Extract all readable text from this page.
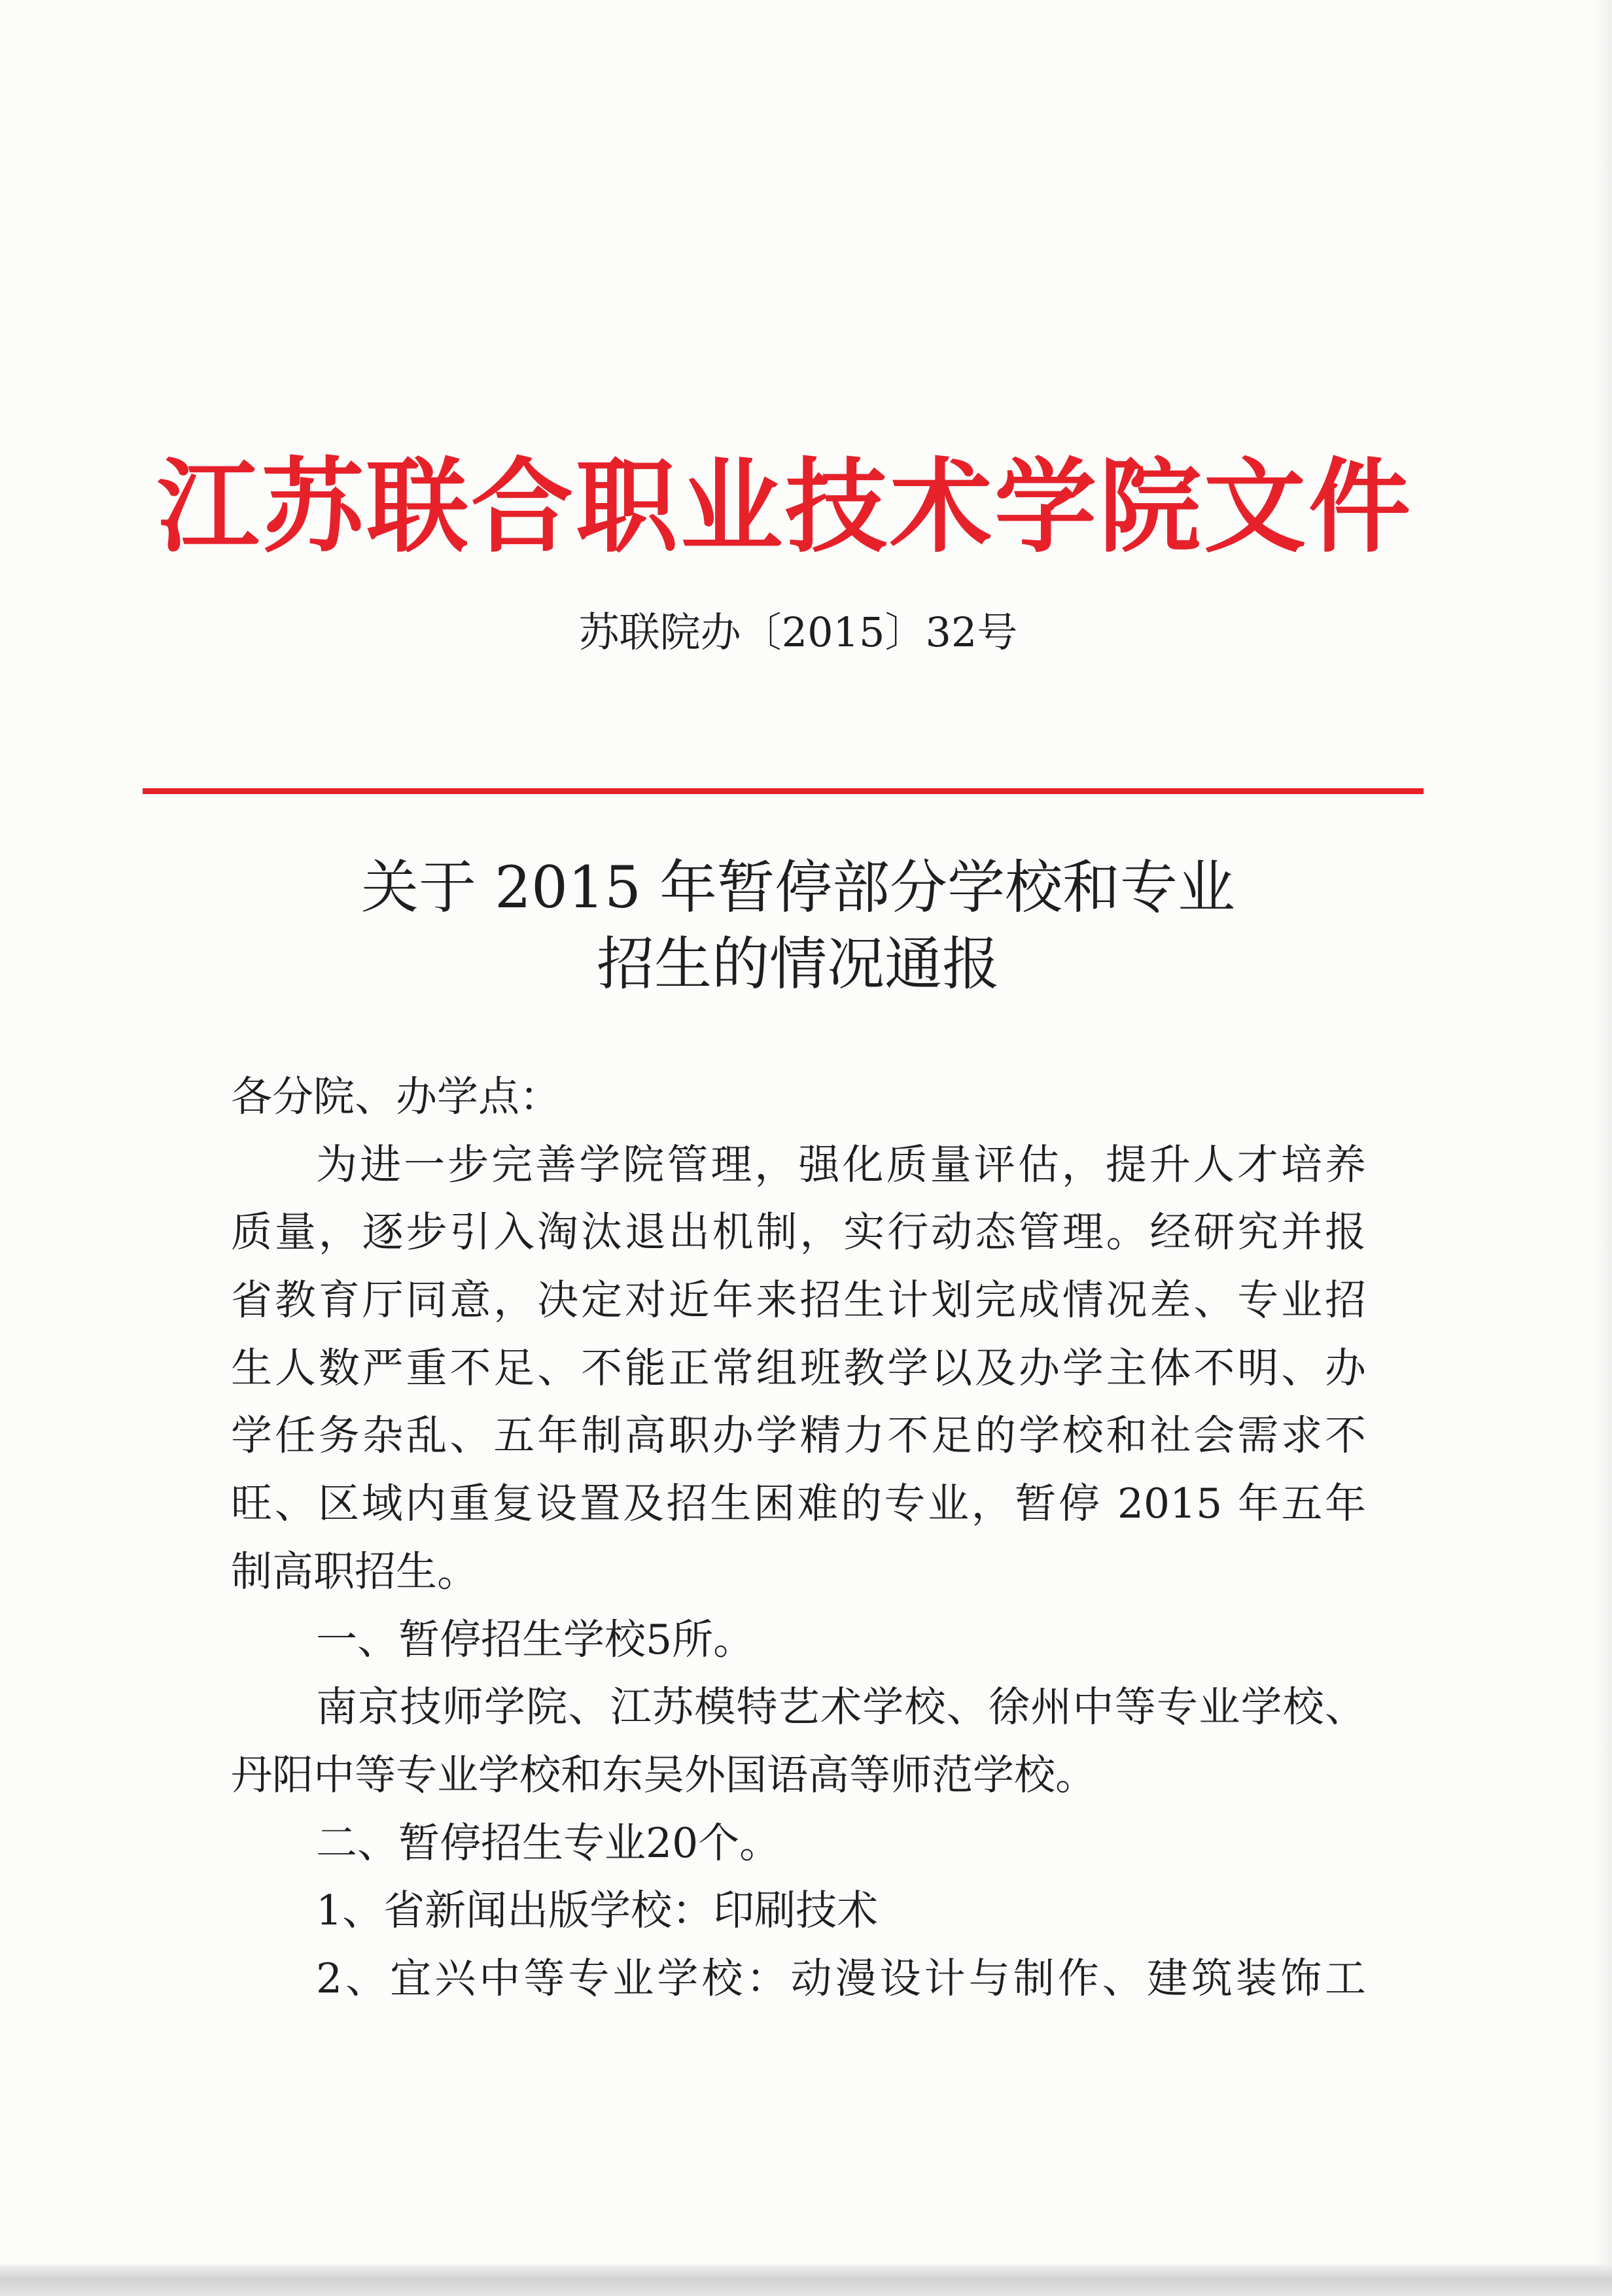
江苏联合职业技术学院文件
苏联院办〔2015〕32号
关于 2015 年暂停部分学校和专业
招生的情况通报
各分院、办学点：
为进一步完善学院管理，强化质量评估，提升人才培养
质量，逐步引入淘汰退出机制，实行动态管理。经研究并报
省教育厅同意，决定对近年来招生计划完成情况差、专业招
生人数严重不足、不能正常组班教学以及办学主体不明、办
学任务杂乱、五年制高职办学精力不足的学校和社会需求不
旺、区域内重复设置及招生困难的专业，暂停 2015 年五年
制高职招生。
一、暂停招生学校5所。
南京技师学院、江苏模特艺术学校、徐州中等专业学校、
丹阳中等专业学校和东吴外国语高等师范学校。
二、暂停招生专业20个。
1、省新闻出版学校：印刷技术
2、宜兴中等专业学校：动漫设计与制作、建筑装饰工
